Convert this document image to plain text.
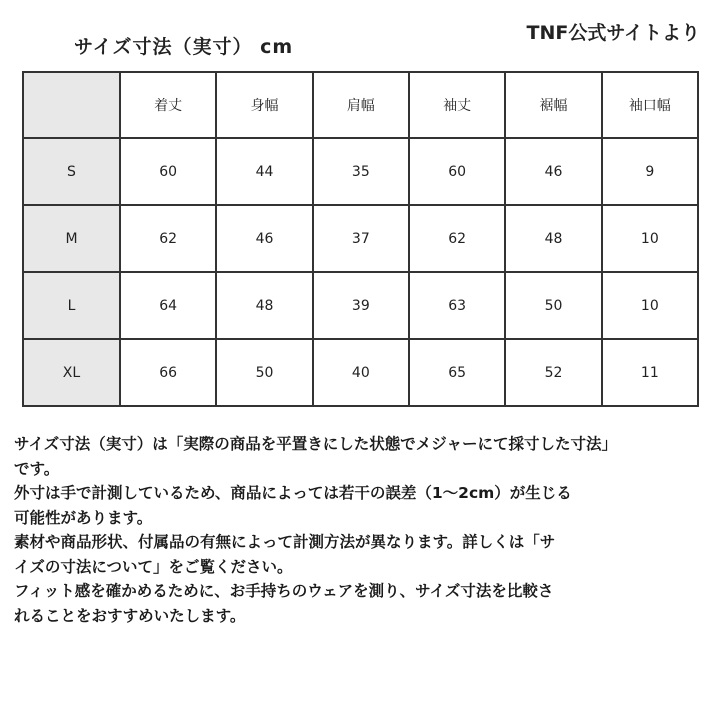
サイズ寸法（実寸） cm
TNF公式サイトより
	着丈	身幅	肩幅	袖丈	裾幅	袖口幅
S	60	44	35	60	46	9
M	62	46	37	62	48	10
L	64	48	39	63	50	10
XL	66	50	40	65	52	11

サイズ寸法（実寸）は「実際の商品を平置きにした状態でメジャーにて採寸した寸法」

です。

外寸は手で計測しているため、商品によっては若干の誤差（1〜2cm）が生じる

可能性があります。

素材や商品形状、付属品の有無によって計測方法が異なります。詳しくは「サ

イズの寸法について」をご覧ください。

フィット感を確かめるために、お手持ちのウェアを測り、サイズ寸法を比較さ

れることをおすすめいたします。
